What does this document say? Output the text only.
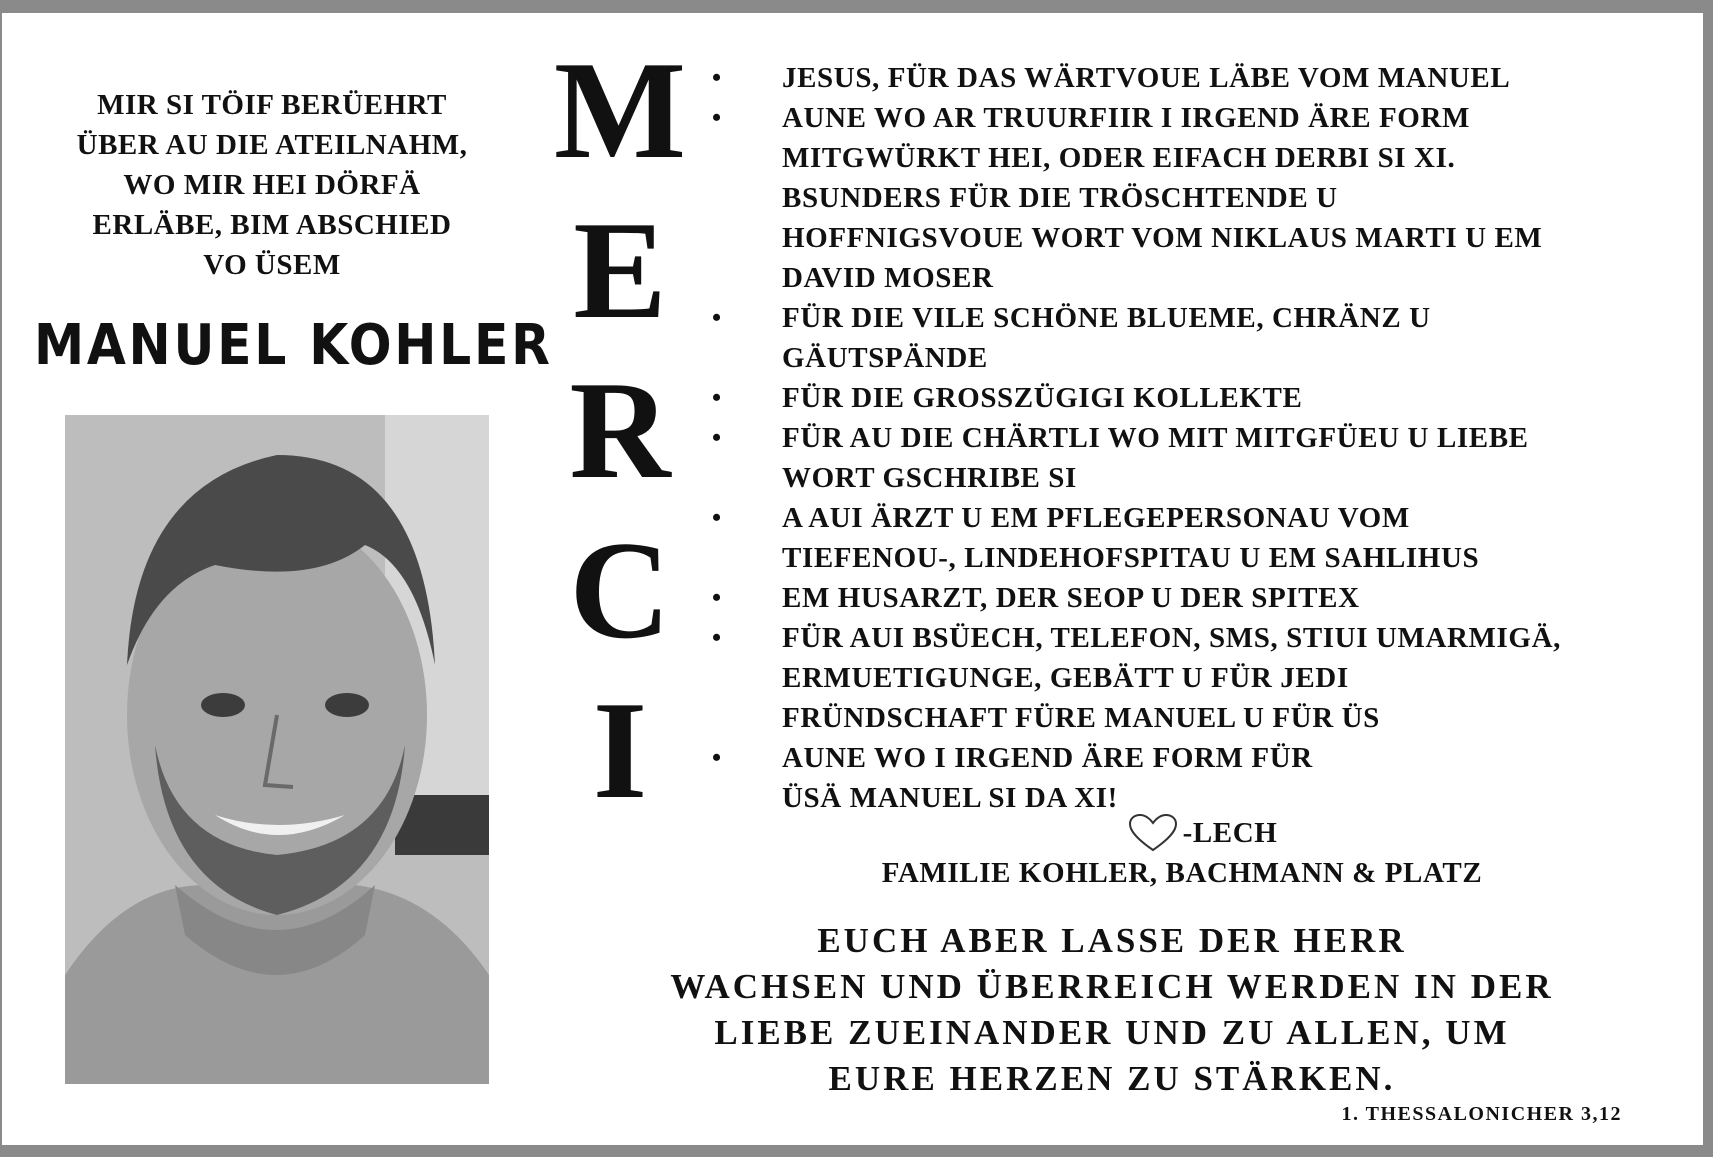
MIR SI TÖIF BERÜEHRT
ÜBER AU DIE ATEILNAHM,
WO MIR HEI DÖRFÄ
ERLÄBE, BIM ABSCHIED
VO ÜSEM
MANUEL KOHLER
M
E
R
C
I
• JESUS, FÜR DAS WÄRTVOUE LÄBE VOM MANUEL
• AUNE WO AR TRUURFIIR I IRGEND ÄRE FORM
MITGWÜRKT HEI, ODER EIFACH DERBI SI XI.
BSUNDERS FÜR DIE TRÖSCHTENDE U
HOFFNIGSVOUE WORT VOM NIKLAUS MARTI U EM
DAVID MOSER
• FÜR DIE VILE SCHÖNE BLUEME, CHRÄNZ U
GÄUTSPÄNDE
• FÜR DIE GROSSZÜGIGI KOLLEKTE
• FÜR AU DIE CHÄRTLI WO MIT MITGFÜEU U LIEBE
WORT GSCHRIBE SI
• A AUI ÄRZT U EM PFLEGEPERSONAU VOM
TIEFENOU-, LINDEHOFSPITAU U EM SAHLIHUS
• EM HUSARZT, DER SEOP U DER SPITEX
• FÜR AUI BSÜECH, TELEFON, SMS, STIUI UMARMIGÄ,
ERMUETIGUNGE, GEBÄTT U FÜR JEDI
FRÜNDSCHAFT FÜRE MANUEL U FÜR ÜS
• AUNE WO I IRGEND ÄRE FORM FÜR
ÜSÄ MANUEL SI DA XI!
-LECH
FAMILIE KOHLER, BACHMANN & PLATZ
EUCH ABER LASSE DER HERR
WACHSEN UND ÜBERREICH WERDEN IN DER
LIEBE ZUEINANDER UND ZU ALLEN, UM
EURE HERZEN ZU STÄRKEN.
1. THESSALONICHER 3,12
